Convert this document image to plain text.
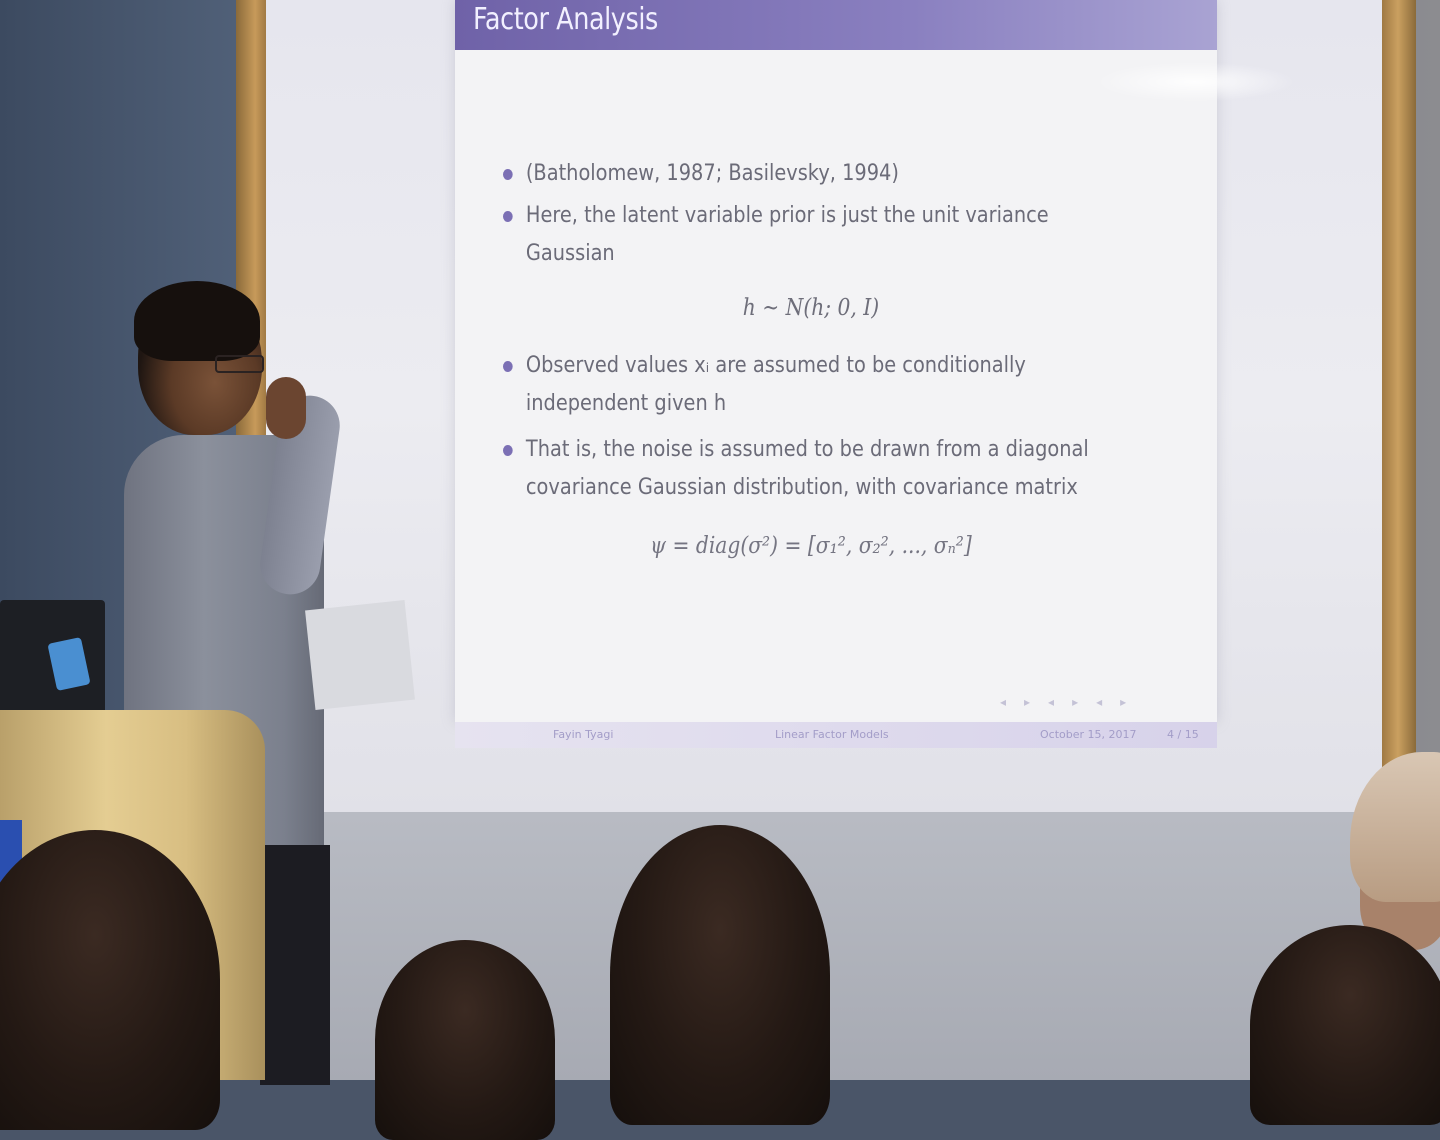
Factor Analysis
(Batholomew, 1987; Basilevsky, 1994)
Here, the latent variable prior is just the unit variance Gaussian
h ~ N(h; 0, I)
Observed values xᵢ are assumed to be conditionally independent given h
That is, the noise is assumed to be drawn from a diagonal covariance Gaussian distribution, with covariance matrix
ψ = diag(σ²) = [σ₁², σ₂², ..., σₙ²]
◂▸◂▸◂▸
Fayin Tyagi	Linear Factor Models	October 15, 2017	4 / 15
